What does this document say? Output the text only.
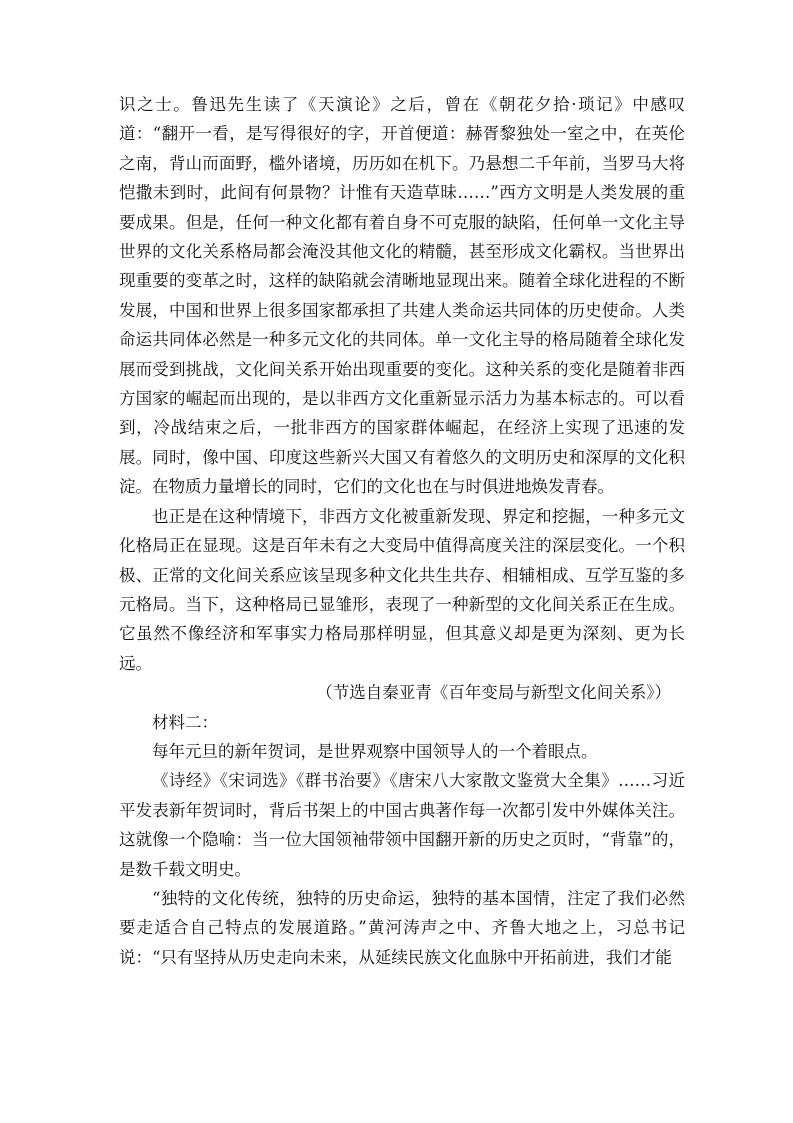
识之士。鲁迅先生读了《天演论》之后，曾在《朝花夕拾·琐记》中感叹道：“翻开一看，是写得很好的字，开首便道：赫胥黎独处一室之中，在英伦之南，背山而面野，槛外诸境，历历如在机下。乃悬想二千年前，当罗马大将恺撒未到时，此间有何景物？计惟有天造草昧……”西方文明是人类发展的重要成果。但是，任何一种文化都有着自身不可克服的缺陷，任何单一文化主导世界的文化关系格局都会淹没其他文化的精髓，甚至形成文化霸权。当世界出现重要的变革之时，这样的缺陷就会清晰地显现出来。随着全球化进程的不断发展，中国和世界上很多国家都承担了共建人类命运共同体的历史使命。人类命运共同体必然是一种多元文化的共同体。单一文化主导的格局随着全球化发展而受到挑战，文化间关系开始出现重要的变化。这种关系的变化是随着非西方国家的崛起而出现的，是以非西方文化重新显示活力为基本标志的。可以看到，冷战结束之后，一批非西方的国家群体崛起，在经济上实现了迅速的发展。同时，像中国、印度这些新兴大国又有着悠久的文明历史和深厚的文化积淀。在物质力量增长的同时，它们的文化也在与时俱进地焕发青春。

也正是在这种情境下，非西方文化被重新发现、界定和挖掘，一种多元文化格局正在显现。这是百年未有之大变局中值得高度关注的深层变化。一个积极、正常的文化间关系应该呈现多种文化共生共存、相辅相成、互学互鉴的多元格局。当下，这种格局已显雏形，表现了一种新型的文化间关系正在生成。它虽然不像经济和军事实力格局那样明显，但其意义却是更为深刻、更为长远。

（节选自秦亚青《百年变局与新型文化间关系》）

材料二：

每年元旦的新年贺词，是世界观察中国领导人的一个着眼点。

《诗经》《宋词选》《群书治要》《唐宋八大家散文鉴赏大全集》……习近平发表新年贺词时，背后书架上的中国古典著作每一次都引发中外媒体关注。这就像一个隐喻：当一位大国领袖带领中国翻开新的历史之页时，“背靠”的，是数千载文明史。

“独特的文化传统，独特的历史命运，独特的基本国情，注定了我们必然要走适合自己特点的发展道路。”黄河涛声之中、齐鲁大地之上，习总书记说：“只有坚持从历史走向未来，从延续民族文化血脉中开拓前进，我们才能
